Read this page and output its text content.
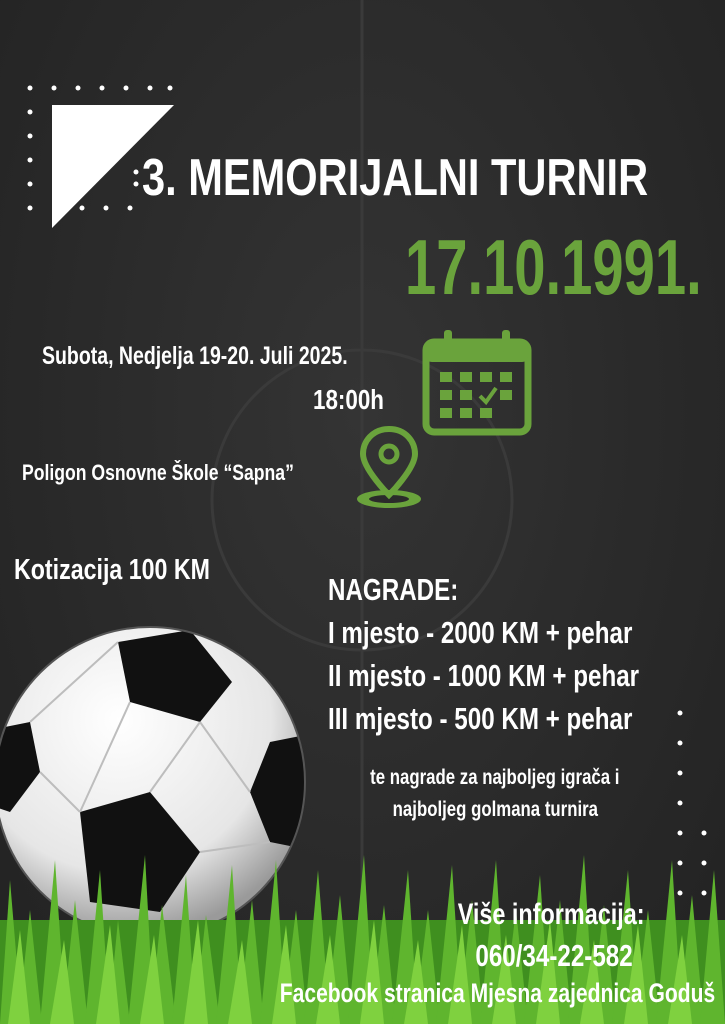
3. MEMORIJALNI TURNIR
17.10.1991.
Subota, Nedjelja 19-20. Juli 2025.
18:00h
Poligon Osnovne Škole “Sapna”
Kotizacija 100 KM
NAGRADE:
I mjesto - 2000 KM + pehar
II mjesto - 1000 KM + pehar
III mjesto - 500 KM + pehar
te nagrade za najboljeg igrača i
najboljeg golmana turnira
Više informacija:
060/34-22-582
Facebook stranica Mjesna zajednica Goduš
